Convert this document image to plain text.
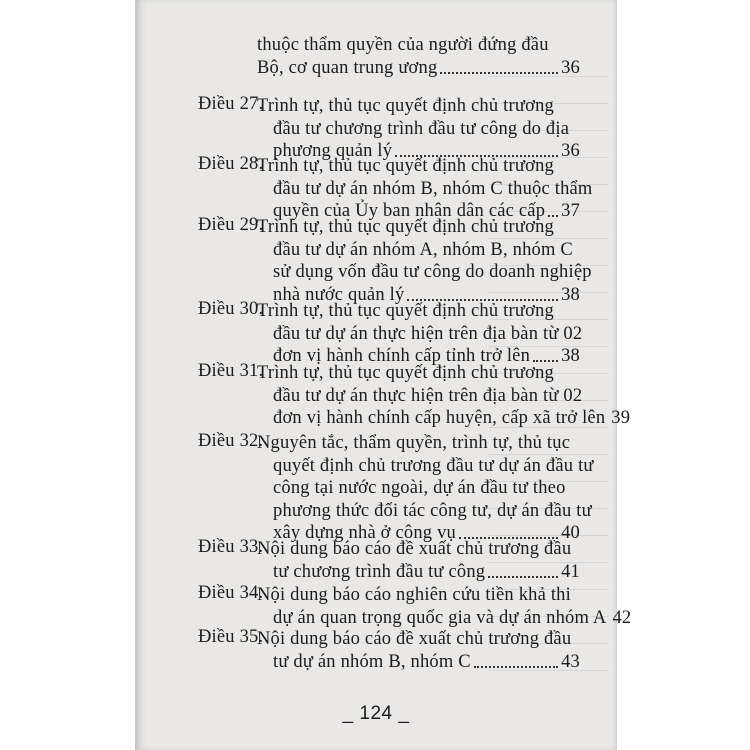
thuộc thẩm quyền của người đứng đầu
Bộ, cơ quan trung ương	36
Điều 27.
Trình tự, thủ tục quyết định chủ trương
đầu tư chương trình đầu tư công do địa
phương quản lý	36
Điều 28.
Trình tự, thủ tục quyết định chủ trương
đầu tư dự án nhóm B, nhóm C thuộc thẩm
quyền của Ủy ban nhân dân các cấp 37
Điều 29.
Trình tự, thủ tục quyết định chủ trương
đầu tư dự án nhóm A, nhóm B, nhóm C
sử dụng vốn đầu tư công do doanh nghiệp
nhà nước quản lý	38
Điều 30.
Trình tự, thủ tục quyết định chủ trương
đầu tư dự án thực hiện trên địa bàn từ 02
đơn vị hành chính cấp tỉnh trở lên 38
Điều 31.
Trình tự, thủ tục quyết định chủ trương
đầu tư dự án thực hiện trên địa bàn từ 02
đơn vị hành chính cấp huyện, cấp xã trở lên 39
Điều 32.
Nguyên tắc, thẩm quyền, trình tự, thủ tục
quyết định chủ trương đầu tư dự án đầu tư
công tại nước ngoài, dự án đầu tư theo
phương thức đối tác công tư, dự án đầu tư
xây dựng nhà ở công vụ	40
Điều 33.
Nội dung báo cáo đề xuất chủ trương đầu
tư chương trình đầu tư công	41
Điều 34.
Nội dung báo cáo nghiên cứu tiền khả thi
dự án quan trọng quốc gia và dự án nhóm A 42
Điều 35.
Nội dung báo cáo đề xuất chủ trương đầu
tư dự án nhóm B, nhóm C	43
_ 124 _
